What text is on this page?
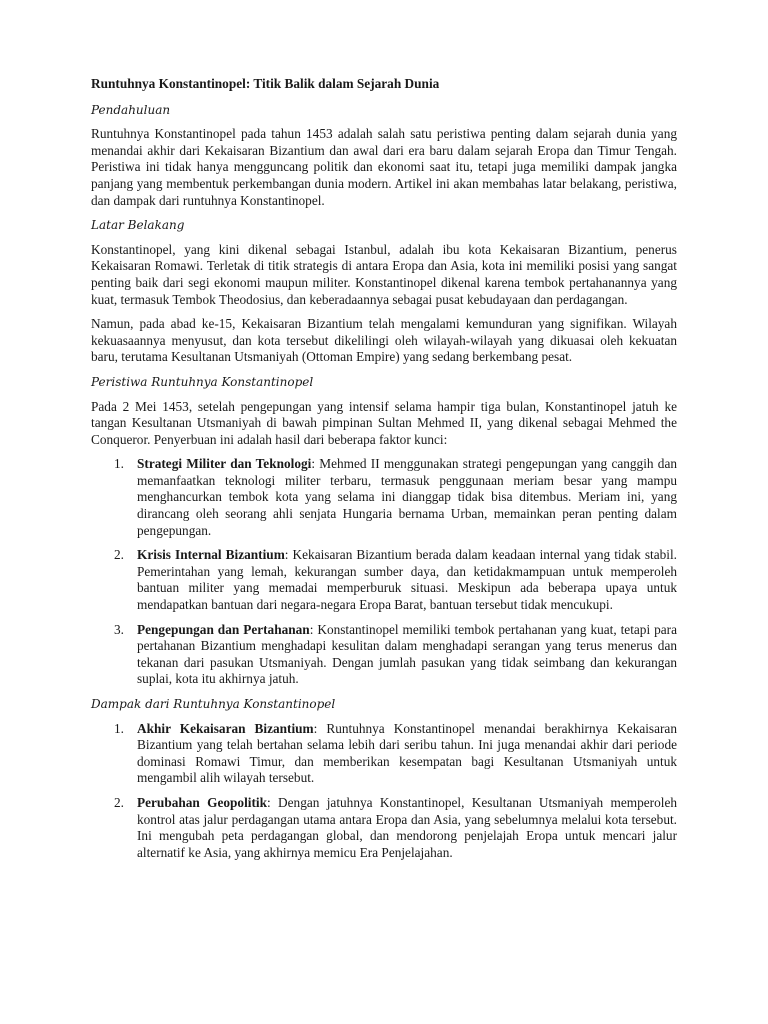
Runtuhnya Konstantinopel: Titik Balik dalam Sejarah Dunia
Pendahuluan

Runtuhnya Konstantinopel pada tahun 1453 adalah salah satu peristiwa penting dalam sejarah dunia yang menandai akhir dari Kekaisaran Bizantium dan awal dari era baru dalam sejarah Eropa dan Timur Tengah. Peristiwa ini tidak hanya mengguncang politik dan ekonomi saat itu, tetapi juga memiliki dampak jangka panjang yang membentuk perkembangan dunia modern. Artikel ini akan membahas latar belakang, peristiwa, dan dampak dari runtuhnya Konstantinopel.

Latar Belakang

Konstantinopel, yang kini dikenal sebagai Istanbul, adalah ibu kota Kekaisaran Bizantium, penerus Kekaisaran Romawi. Terletak di titik strategis di antara Eropa dan Asia, kota ini memiliki posisi yang sangat penting baik dari segi ekonomi maupun militer. Konstantinopel dikenal karena tembok pertahanannya yang kuat, termasuk Tembok Theodosius, dan keberadaannya sebagai pusat kebudayaan dan perdagangan.

Namun, pada abad ke-15, Kekaisaran Bizantium telah mengalami kemunduran yang signifikan. Wilayah kekuasaannya menyusut, dan kota tersebut dikelilingi oleh wilayah-wilayah yang dikuasai oleh kekuatan baru, terutama Kesultanan Utsmaniyah (Ottoman Empire) yang sedang berkembang pesat.

Peristiwa Runtuhnya Konstantinopel

Pada 2 Mei 1453, setelah pengepungan yang intensif selama hampir tiga bulan, Konstantinopel jatuh ke tangan Kesultanan Utsmaniyah di bawah pimpinan Sultan Mehmed II, yang dikenal sebagai Mehmed the Conqueror. Penyerbuan ini adalah hasil dari beberapa faktor kunci:

1. Strategi Militer dan Teknologi: Mehmed II menggunakan strategi pengepungan yang canggih dan memanfaatkan teknologi militer terbaru, termasuk penggunaan meriam besar yang mampu menghancurkan tembok kota yang selama ini dianggap tidak bisa ditembus. Meriam ini, yang dirancang oleh seorang ahli senjata Hungaria bernama Urban, memainkan peran penting dalam pengepungan.
2. Krisis Internal Bizantium: Kekaisaran Bizantium berada dalam keadaan internal yang tidak stabil. Pemerintahan yang lemah, kekurangan sumber daya, dan ketidakmampuan untuk memperoleh bantuan militer yang memadai memperburuk situasi. Meskipun ada beberapa upaya untuk mendapatkan bantuan dari negara-negara Eropa Barat, bantuan tersebut tidak mencukupi.
3. Pengepungan dan Pertahanan: Konstantinopel memiliki tembok pertahanan yang kuat, tetapi para pertahanan Bizantium menghadapi kesulitan dalam menghadapi serangan yang terus menerus dan tekanan dari pasukan Utsmaniyah. Dengan jumlah pasukan yang tidak seimbang dan kekurangan suplai, kota itu akhirnya jatuh.
Dampak dari Runtuhnya Konstantinopel
1. Akhir Kekaisaran Bizantium: Runtuhnya Konstantinopel menandai berakhirnya Kekaisaran Bizantium yang telah bertahan selama lebih dari seribu tahun. Ini juga menandai akhir dari periode dominasi Romawi Timur, dan memberikan kesempatan bagi Kesultanan Utsmaniyah untuk mengambil alih wilayah tersebut.
2. Perubahan Geopolitik: Dengan jatuhnya Konstantinopel, Kesultanan Utsmaniyah memperoleh kontrol atas jalur perdagangan utama antara Eropa dan Asia, yang sebelumnya melalui kota tersebut. Ini mengubah peta perdagangan global, dan mendorong penjelajah Eropa untuk mencari jalur alternatif ke Asia, yang akhirnya memicu Era Penjelajahan.
